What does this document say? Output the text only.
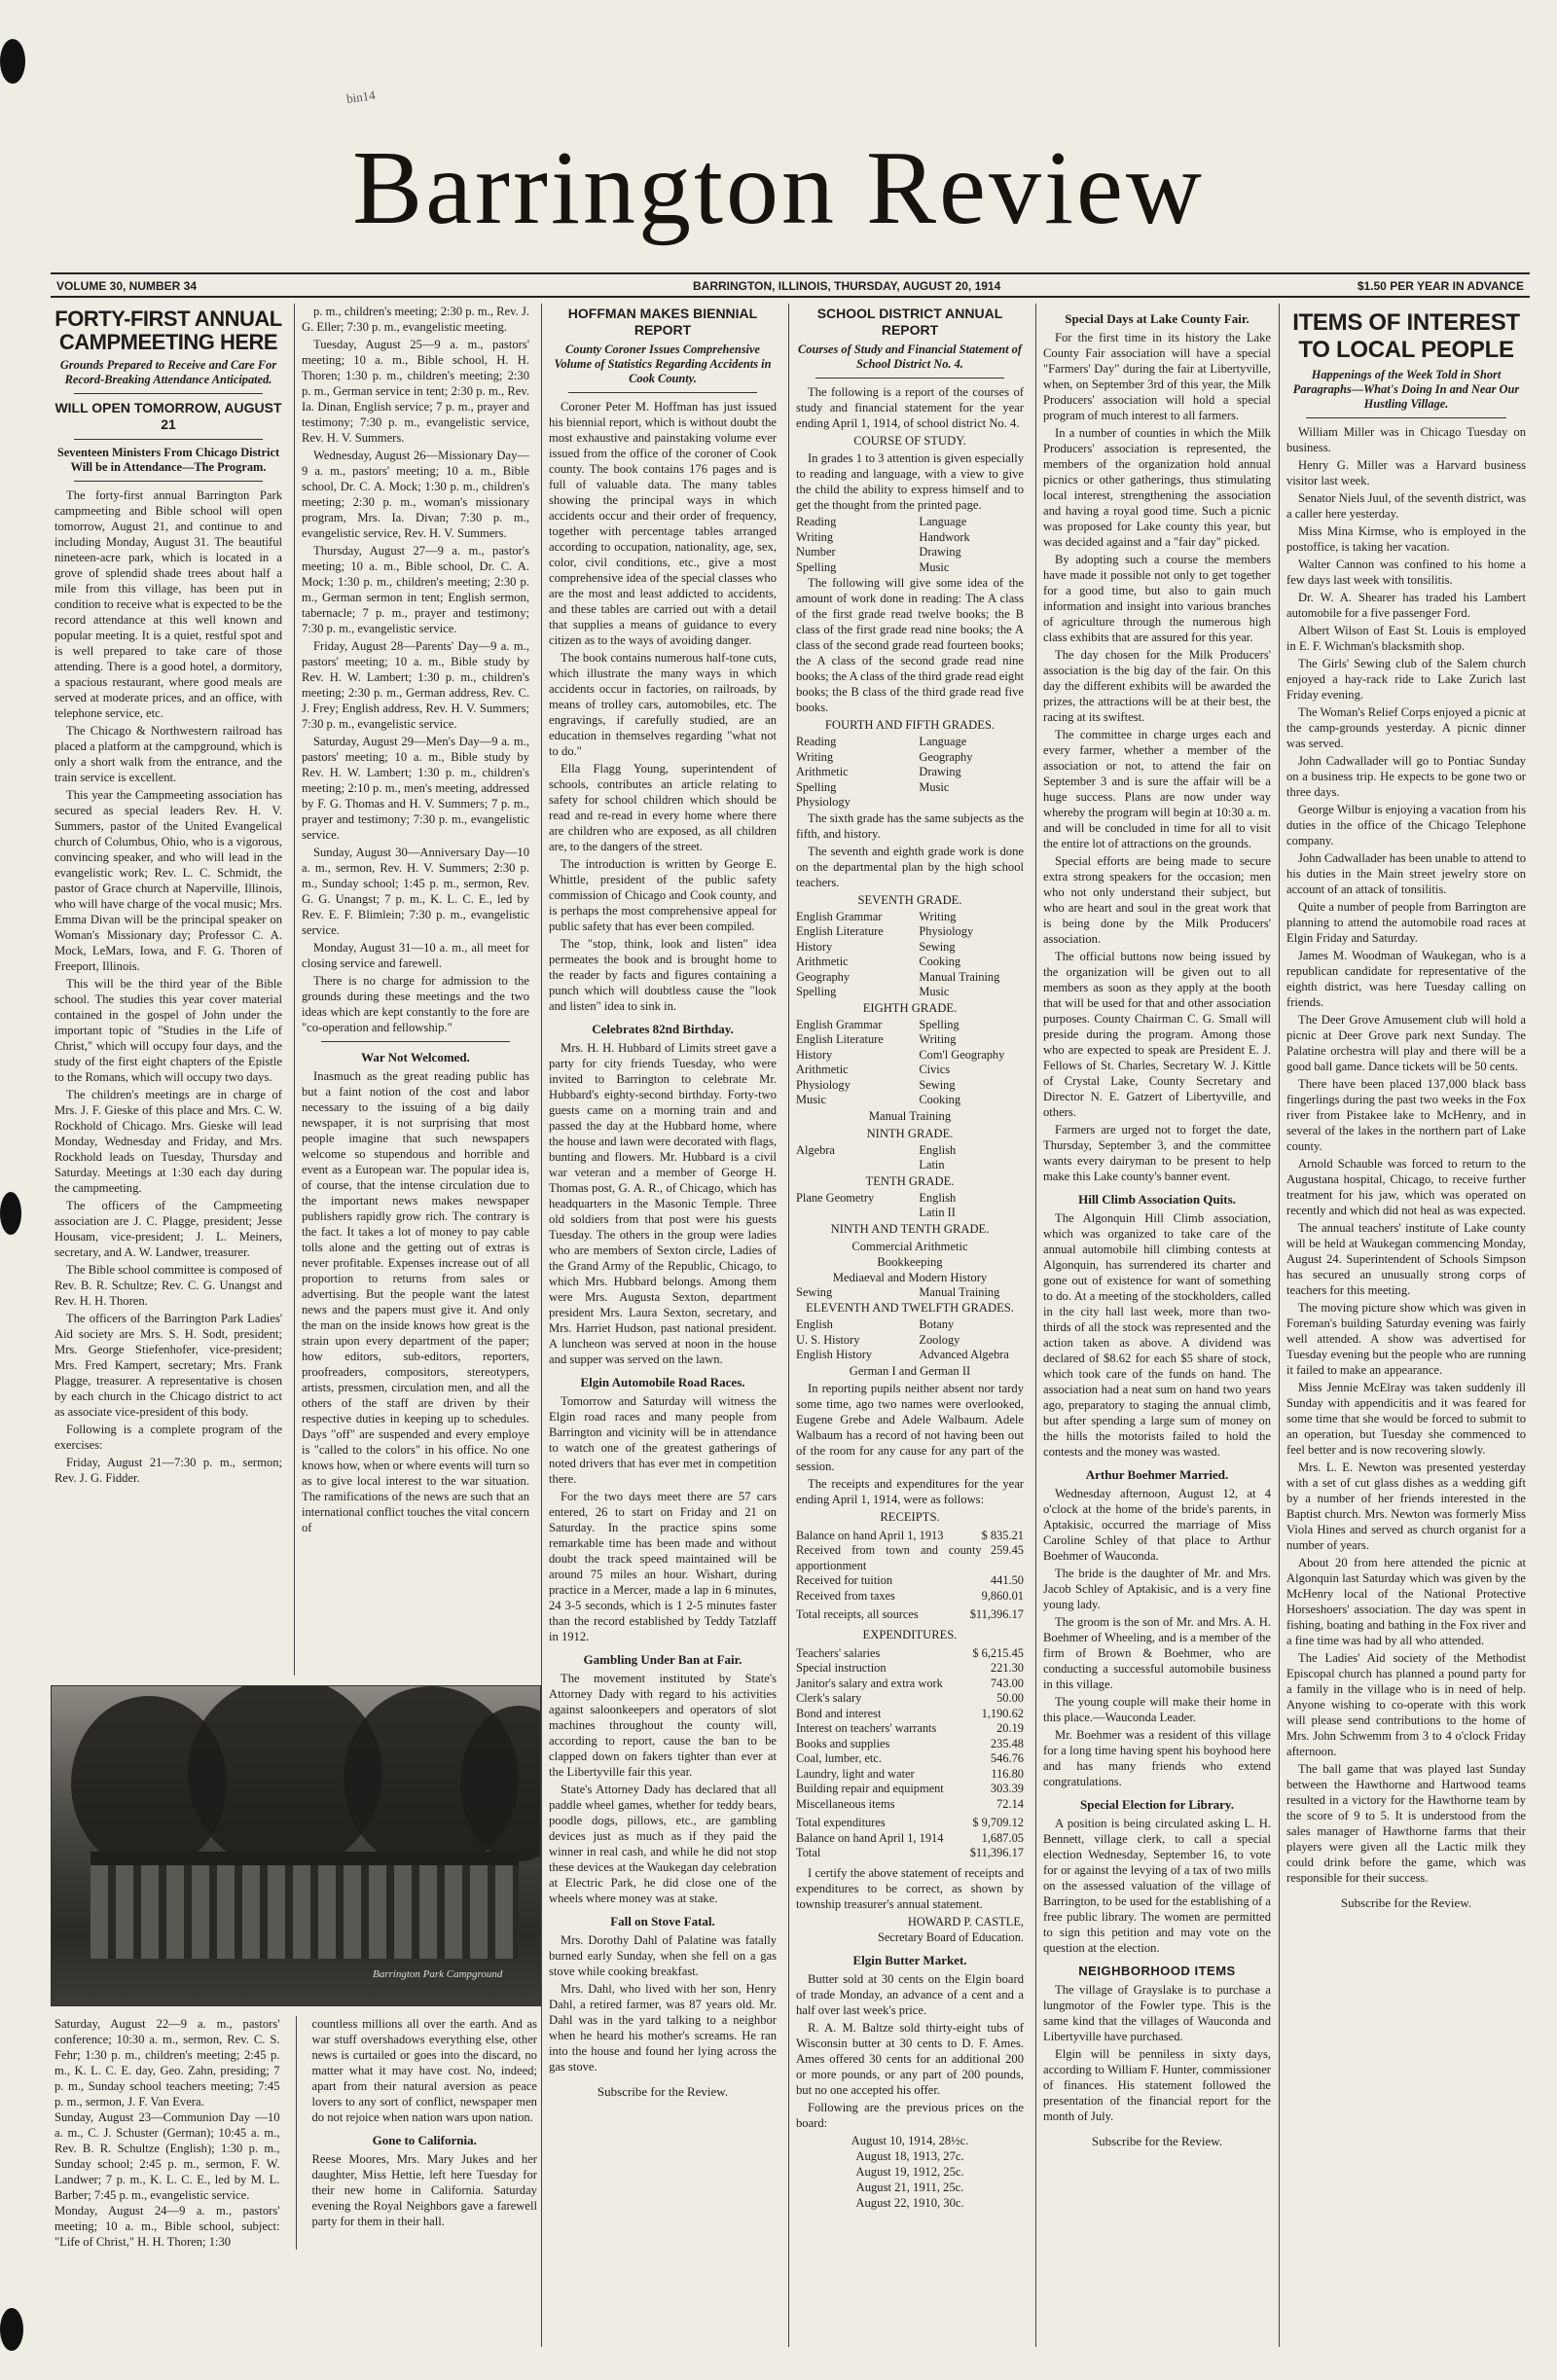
bin14
Barrington Review
VOLUME 30, NUMBER 34	BARRINGTON, ILLINOIS, THURSDAY, AUGUST 20, 1914	$1.50 PER YEAR IN ADVANCE
FORTY-FIRST ANNUAL CAMPMEETING HERE
Grounds Prepared to Receive and Care For Record-Breaking Attendance Anticipated.
WILL OPEN TOMORROW, AUGUST 21
Seventeen Ministers From Chicago District Will be in Attendance—The Program.

The forty-first annual Barrington Park campmeeting and Bible school will open tomorrow, August 21, and continue to and including Monday, August 31. The beautiful nineteen-acre park, which is located in a grove of splendid shade trees about half a mile from this village, has been put in condition to receive what is expected to be the record attendance at this well known and popular meeting. It is a quiet, restful spot and is well prepared to take care of those attending. There is a good hotel, a dormitory, a spacious restaurant, where good meals are served at moderate prices, and an office, with telephone service, etc.

The Chicago & Northwestern railroad has placed a platform at the campground, which is only a short walk from the entrance, and the train service is excellent.

This year the Campmeeting association has secured as special leaders Rev. H. V. Summers, pastor of the United Evangelical church of Columbus, Ohio, who is a vigorous, convincing speaker, and who will lead in the evangelistic work; Rev. L. C. Schmidt, the pastor of Grace church at Naperville, Illinois, who will have charge of the vocal music; Mrs. Emma Divan will be the principal speaker on Woman's Missionary day; Professor C. A. Mock, LeMars, Iowa, and F. G. Thoren of Freeport, Illinois.

This will be the third year of the Bible school. The studies this year cover material contained in the gospel of John under the important topic of "Studies in the Life of Christ," which will occupy four days, and the study of the first eight chapters of the Epistle to the Romans, which will occupy two days.

The children's meetings are in charge of Mrs. J. F. Gieske of this place and Mrs. C. W. Rockhold of Chicago. Mrs. Gieske will lead Monday, Wednesday and Friday, and Mrs. Rockhold leads on Tuesday, Thursday and Saturday. Meetings at 1:30 each day during the campmeeting.

The officers of the Campmeeting association are J. C. Plagge, president; Jesse Housam, vice-president; J. L. Meiners, secretary, and A. W. Landwer, treasurer.

The Bible school committee is composed of Rev. B. R. Schultze; Rev. C. G. Unangst and Rev. H. H. Thoren.

The officers of the Barrington Park Ladies' Aid society are Mrs. S. H. Sodt, president; Mrs. George Stiefenhofer, vice-president; Mrs. Fred Kampert, secretary; Mrs. Frank Plagge, treasurer. A representative is chosen by each church in the Chicago district to act as associate vice-president of this body.

Following is a complete program of the exercises:

Friday, August 21—7:30 p. m., sermon; Rev. J. G. Fidder.

p. m., children's meeting; 2:30 p. m., Rev. J. G. Eller; 7:30 p. m., evangelistic meeting.

Tuesday, August 25—9 a. m., pastors' meeting; 10 a. m., Bible school, H. H. Thoren; 1:30 p. m., children's meeting; 2:30 p. m., German service in tent; 2:30 p. m., Rev. Ia. Dinan, English service; 7 p. m., prayer and testimony; 7:30 p. m., evangelistic service, Rev. H. V. Summers.

Wednesday, August 26—Missionary Day—9 a. m., pastors' meeting; 10 a. m., Bible school, Dr. C. A. Mock; 1:30 p. m., children's meeting; 2:30 p. m., woman's missionary program, Mrs. Ia. Divan; 7:30 p. m., evangelistic service, Rev. H. V. Summers.

Thursday, August 27—9 a. m., pastor's meeting; 10 a. m., Bible school, Dr. C. A. Mock; 1:30 p. m., children's meeting; 2:30 p. m., German sermon in tent; English sermon, tabernacle; 7 p. m., prayer and testimony; 7:30 p. m., evangelistic service.

Friday, August 28—Parents' Day—9 a. m., pastors' meeting; 10 a. m., Bible study by Rev. H. W. Lambert; 1:30 p. m., children's meeting; 2:30 p. m., German address, Rev. C. J. Frey; English address, Rev. H. V. Summers; 7:30 p. m., evangelistic service.

Saturday, August 29—Men's Day—9 a. m., pastors' meeting; 10 a. m., Bible study by Rev. H. W. Lambert; 1:30 p. m., children's meeting; 2:10 p. m., men's meeting, addressed by F. G. Thomas and H. V. Summers; 7 p. m., prayer and testimony; 7:30 p. m., evangelistic service.

Sunday, August 30—Anniversary Day—10 a. m., sermon, Rev. H. V. Summers; 2:30 p. m., Sunday school; 1:45 p. m., sermon, Rev. G. G. Unangst; 7 p. m., K. L. C. E., led by Rev. E. F. Blimlein; 7:30 p. m., evangelistic service.

Monday, August 31—10 a. m., all meet for closing service and farewell.

There is no charge for admission to the grounds during these meetings and the two ideas which are kept constantly to the fore are "co-operation and fellowship."

War Not Welcomed.

Inasmuch as the great reading public has but a faint notion of the cost and labor necessary to the issuing of a big daily newspaper, it is not surprising that most people imagine that such newspapers welcome so stupendous and horrible and event as a European war. The popular idea is, of course, that the intense circulation due to the important news makes newspaper publishers rapidly grow rich. The contrary is the fact. It takes a lot of money to pay cable tolls alone and the getting out of extras is never profitable. Expenses increase out of all proportion to returns from sales or advertising. But the people want the latest news and the papers must give it. And only the man on the inside knows how great is the strain upon every department of the paper; how editors, sub-editors, reporters, proofreaders, compositors, stereotypers, artists, pressmen, circulation men, and all the others of the staff are driven by their respective duties in keeping up to schedules. Days "off" are suspended and every employe is "called to the colors" in his office. No one knows how, when or where events will turn so as to give local interest to the war situation. The ramifications of the news are such that an international conflict touches the vital concern of

HOFFMAN MAKES BIENNIAL REPORT
County Coroner Issues Comprehensive Volume of Statistics Regarding Accidents in Cook County.

Coroner Peter M. Hoffman has just issued his biennial report, which is without doubt the most exhaustive and painstaking volume ever issued from the office of the coroner of Cook county. The book contains 176 pages and is full of valuable data. The many tables showing the principal ways in which accidents occur and their order of frequency, together with percentage tables arranged according to occupation, nationality, age, sex, color, civil conditions, etc., give a most comprehensive idea of the special classes who are the most and least addicted to accidents, and these tables are carried out with a detail that supplies a means of guidance to every citizen as to the ways of avoiding danger.

The book contains numerous half-tone cuts, which illustrate the many ways in which accidents occur in factories, on railroads, by means of trolley cars, automobiles, etc. The engravings, if carefully studied, are an education in themselves regarding "what not to do."

Ella Flagg Young, superintendent of schools, contributes an article relating to safety for school children which should be read and re-read in every home where there are children who are exposed, as all children are, to the dangers of the street.

The introduction is written by George E. Whittle, president of the public safety commission of Chicago and Cook county, and is perhaps the most comprehensive appeal for public safety that has ever been compiled.

The "stop, think, look and listen" idea permeates the book and is brought home to the reader by facts and figures containing a punch which will doubtless cause the "look and listen" idea to sink in.

Celebrates 82nd Birthday.

Mrs. H. H. Hubbard of Limits street gave a party for city friends Tuesday, who were invited to Barrington to celebrate Mr. Hubbard's eighty-second birthday. Forty-two guests came on a morning train and and passed the day at the Hubbard home, where the house and lawn were decorated with flags, bunting and flowers. Mr. Hubbard is a civil war veteran and a member of George H. Thomas post, G. A. R., of Chicago, which has headquarters in the Masonic Temple. Three old soldiers from that post were his guests Tuesday. The others in the group were ladies who are members of Sexton circle, Ladies of the Grand Army of the Republic, Chicago, to which Mrs. Hubbard belongs. Among them were Mrs. Augusta Sexton, department president Mrs. Laura Sexton, secretary, and Mrs. Harriet Hudson, past national president. A luncheon was served at noon in the house and supper was served on the lawn.

Elgin Automobile Road Races.

Tomorrow and Saturday will witness the Elgin road races and many people from Barrington and vicinity will be in attendance to watch one of the greatest gatherings of noted drivers that has ever met in competition there.

For the two days meet there are 57 cars entered, 26 to start on Friday and 21 on Saturday. In the practice spins some remarkable time has been made and without doubt the track speed maintained will be around 75 miles an hour. Wishart, during practice in a Mercer, made a lap in 6 minutes, 24 3-5 seconds, which is 1 2-5 minutes faster than the record established by Teddy Tatzlaff in 1912.

Gambling Under Ban at Fair.

The movement instituted by State's Attorney Dady with regard to his activities against saloonkeepers and operators of slot machines throughout the county will, according to report, cause the ban to be clapped down on fakers tighter than ever at the Libertyville fair this year.

State's Attorney Dady has declared that all paddle wheel games, whether for teddy bears, poodle dogs, pillows, etc., are gambling devices just as much as if they paid the winner in real cash, and while he did not stop these devices at the Waukegan day celebration at Electric Park, he did close one of the wheels where money was at stake.

Fall on Stove Fatal.

Mrs. Dorothy Dahl of Palatine was fatally burned early Sunday, when she fell on a gas stove while cooking breakfast.

Mrs. Dahl, who lived with her son, Henry Dahl, a retired farmer, was 87 years old. Mr. Dahl was in the yard talking to a neighbor when he heard his mother's screams. He ran into the house and found her lying across the gas stove.

Subscribe for the Review.
SCHOOL DISTRICT ANNUAL REPORT
Courses of Study and Financial Statement of School District No. 4.

The following is a report of the courses of study and financial statement for the year ending April 1, 1914, of school district No. 4.

COURSE OF STUDY.

In grades 1 to 3 attention is given especially to reading and language, with a view to give the child the ability to express himself and to get the thought from the printed page.

Reading	Language
Writing	Handwork
Number	Drawing
Spelling	Music

The following will give some idea of the amount of work done in reading: The A class of the first grade read twelve books; the B class of the first grade read nine books; the A class of the second grade read fourteen books; the A class of the second grade read nine books; the A class of the third grade read eight books; the B class of the third grade read five books.

FOURTH AND FIFTH GRADES.

Reading	Language
Writing	Geography
Arithmetic	Drawing
Spelling	Music
Physiology

The sixth grade has the same subjects as the fifth, and history.

The seventh and eighth grade work is done on the departmental plan by the high school teachers.

SEVENTH GRADE.

English Grammar	Writing
English Literature	Physiology
History	Sewing
Arithmetic	Cooking
Geography	Manual Training
Spelling	Music

EIGHTH GRADE.

English Grammar	Spelling
English Literature	Writing
History	Com'l Geography
Arithmetic	Civics
Physiology	Sewing
Music	Cooking

Manual Training

NINTH GRADE.

Algebra	English
Latin

TENTH GRADE.

Plane Geometry	English
Latin II

NINTH AND TENTH GRADE.

Commercial Arithmetic
Bookkeeping
Mediaeval and Modern History
Sewing	Manual Training

ELEVENTH AND TWELFTH GRADES.

English	Botany
U. S. History	Zoology
English History	Advanced Algebra

German I and German II

In reporting pupils neither absent nor tardy some time, ago two names were overlooked, Eugene Grebe and Adele Walbaum. Adele Walbaum has a record of not having been out of the room for any cause for any part of the session.

The receipts and expenditures for the year ending April 1, 1914, were as follows:

RECEIPTS.

Balance on hand April 1, 1913	$ 835.21
Received from town and county apportionment	259.45
Received for tuition	441.50
Received from taxes	9,860.01
Total receipts, all sources	$11,396.17

EXPENDITURES.

Teachers' salaries	$ 6,215.45
Special instruction	221.30
Janitor's salary and extra work	743.00
Clerk's salary	50.00
Bond and interest	1,190.62
Interest on teachers' warrants	20.19
Books and supplies	235.48
Coal, lumber, etc.	546.76
Laundry, light and water	116.80
Building repair and equipment	303.39
Miscellaneous items	72.14
Total expenditures	$ 9,709.12
Balance on hand April 1, 1914	1,687.05
Total	$11,396.17

I certify the above statement of receipts and expenditures to be correct, as shown by township treasurer's annual statement.

HOWARD P. CASTLE,
Secretary Board of Education.
Elgin Butter Market.

Butter sold at 30 cents on the Elgin board of trade Monday, an advance of a cent and a half over last week's price.

R. A. M. Baltze sold thirty-eight tubs of Wisconsin butter at 30 cents to D. F. Ames. Ames offered 30 cents for an additional 200 or more pounds, or any part of 200 pounds, but no one accepted his offer.

Following are the previous prices on the board:

August 10, 1914, 28½c.
August 18, 1913, 27c.
August 19, 1912, 25c.
August 21, 1911, 25c.
August 22, 1910, 30c.
Special Days at Lake County Fair.

For the first time in its history the Lake County Fair association will have a special "Farmers' Day" during the fair at Libertyville, when, on September 3rd of this year, the Milk Producers' association will hold a special program of much interest to all farmers.

In a number of counties in which the Milk Producers' association is represented, the members of the organization hold annual picnics or other gatherings, thus stimulating local interest, strengthening the association and having a royal good time. Such a picnic was proposed for Lake county this year, but was decided against and a "fair day" picked.

By adopting such a course the members have made it possible not only to get together for a good time, but also to gain much information and insight into various branches of agriculture through the numerous high class exhibits that are assured for this year.

The day chosen for the Milk Producers' association is the big day of the fair. On this day the different exhibits will be awarded the prizes, the attractions will be at their best, the racing at its swiftest.

The committee in charge urges each and every farmer, whether a member of the association or not, to attend the fair on September 3 and is sure the affair will be a huge success. Plans are now under way whereby the program will begin at 10:30 a. m. and will be concluded in time for all to visit the entire lot of attractions on the grounds.

Special efforts are being made to secure extra strong speakers for the occasion; men who not only understand their subject, but who are heart and soul in the great work that is being done by the Milk Producers' association.

The official buttons now being issued by the organization will be given out to all members as soon as they apply at the booth that will be used for that and other association purposes. County Chairman C. G. Small will preside during the program. Among those who are expected to speak are President E. J. Fellows of St. Charles, Secretary W. J. Kittle of Crystal Lake, County Secretary and Director N. E. Gatzert of Libertyville, and others.

Farmers are urged not to forget the date, Thursday, September 3, and the committee wants every dairyman to be present to help make this Lake county's banner event.

Hill Climb Association Quits.

The Algonquin Hill Climb association, which was organized to take care of the annual automobile hill climbing contests at Algonquin, has surrendered its charter and gone out of existence for want of something to do. At a meeting of the stockholders, called in the city hall last week, more than two-thirds of all the stock was represented and the action taken as above. A dividend was declared of $8.62 for each $5 share of stock, which took care of the funds on hand. The association had a neat sum on hand two years ago, preparatory to staging the annual climb, but after spending a large sum of money on the hills the motorists failed to hold the contests and the money was wasted.

Arthur Boehmer Married.

Wednesday afternoon, August 12, at 4 o'clock at the home of the bride's parents, in Aptakisic, occurred the marriage of Miss Caroline Schley of that place to Arthur Boehmer of Wauconda.

The bride is the daughter of Mr. and Mrs. Jacob Schley of Aptakisic, and is a very fine young lady.

The groom is the son of Mr. and Mrs. A. H. Boehmer of Wheeling, and is a member of the firm of Brown & Boehmer, who are conducting a successful automobile business in this village.

The young couple will make their home in this place.—Wauconda Leader.

Mr. Boehmer was a resident of this village for a long time having spent his boyhood here and has many friends who extend congratulations.

Special Election for Library.

A position is being circulated asking L. H. Bennett, village clerk, to call a special election Wednesday, September 16, to vote for or against the levying of a tax of two mills on the assessed valuation of the village of Barrington, to be used for the establishing of a free public library. The women are permitted to sign this petition and may vote on the question at the election.

NEIGHBORHOOD ITEMS

The village of Grayslake is to purchase a lungmotor of the Fowler type. This is the same kind that the villages of Wauconda and Libertyville have purchased.

Elgin will be penniless in sixty days, according to William F. Hunter, commissioner of finances. His statement followed the presentation of the financial report for the month of July.

Subscribe for the Review.
ITEMS OF INTEREST TO LOCAL PEOPLE
Happenings of the Week Told in Short Paragraphs—What's Doing In and Near Our Hustling Village.

William Miller was in Chicago Tuesday on business.

Henry G. Miller was a Harvard business visitor last week.

Senator Niels Juul, of the seventh district, was a caller here yesterday.

Miss Mina Kirmse, who is employed in the postoffice, is taking her vacation.

Walter Cannon was confined to his home a few days last week with tonsilitis.

Dr. W. A. Shearer has traded his Lambert automobile for a five passenger Ford.

Albert Wilson of East St. Louis is employed in E. F. Wichman's blacksmith shop.

The Girls' Sewing club of the Salem church enjoyed a hay-rack ride to Lake Zurich last Friday evening.

The Woman's Relief Corps enjoyed a picnic at the camp-grounds yesterday. A picnic dinner was served.

John Cadwallader will go to Pontiac Sunday on a business trip. He expects to be gone two or three days.

George Wilbur is enjoying a vacation from his duties in the office of the Chicago Telephone company.

John Cadwallader has been unable to attend to his duties in the Main street jewelry store on account of an attack of tonsilitis.

Quite a number of people from Barrington are planning to attend the automobile road races at Elgin Friday and Saturday.

James M. Woodman of Waukegan, who is a republican candidate for representative of the eighth district, was here Tuesday calling on friends.

The Deer Grove Amusement club will hold a picnic at Deer Grove park next Sunday. The Palatine orchestra will play and there will be a good ball game. Dance tickets will be 50 cents.

There have been placed 137,000 black bass fingerlings during the past two weeks in the Fox river from Pistakee lake to McHenry, and in several of the lakes in the northern part of Lake county.

Arnold Schauble was forced to return to the Augustana hospital, Chicago, to receive further treatment for his jaw, which was operated on recently and which did not heal as was expected.

The annual teachers' institute of Lake county will be held at Waukegan commencing Monday, August 24. Superintendent of Schools Simpson has secured an unusually strong corps of teachers for this meeting.

The moving picture show which was given in Foreman's building Saturday evening was fairly well attended. A show was advertised for Tuesday evening but the people who are running it failed to make an appearance.

Miss Jennie McElray was taken suddenly ill Sunday with appendicitis and it was feared for some time that she would be forced to submit to an operation, but Tuesday she commenced to feel better and is now recovering slowly.

Mrs. L. E. Newton was presented yesterday with a set of cut glass dishes as a wedding gift by a number of her friends interested in the Baptist church. Mrs. Newton was formerly Miss Viola Hines and served as church organist for a number of years.

About 20 from here attended the picnic at Algonquin last Saturday which was given by the McHenry local of the National Protective Horseshoers' association. The day was spent in fishing, boating and bathing in the Fox river and a fine time was had by all who attended.

The Ladies' Aid society of the Methodist Episcopal church has planned a pound party for a family in the village who is in need of help. Anyone wishing to co-operate with this work will please send contributions to the home of Mrs. John Schwemm from 3 to 4 o'clock Friday afternoon.

The ball game that was played last Sunday between the Hawthorne and Hartwood teams resulted in a victory for the Hawthorne team by the score of 9 to 5. It is understood from the sales manager of Hawthorne farms that their players were given all the Lactic milk they could drink before the game, which was responsible for their success.

Subscribe for the Review.
Barrington Park Campground

Saturday, August 22—9 a. m., pastors' conference; 10:30 a. m., sermon, Rev. C. S. Fehr; 1:30 p. m., children's meeting; 2:45 p. m., K. L. C. E. day, Geo. Zahn, presiding; 7 p. m., Sunday school teachers meeting; 7:45 p. m., sermon, J. F. Van Evera.

Sunday, August 23—Communion Day —10 a. m., C. J. Schuster (German); 10:45 a. m., Rev. B. R. Schultze (English); 1:30 p. m., Sunday school; 2:45 p. m., sermon, F. W. Landwer; 7 p. m., K. L. C. E., led by M. L. Barber; 7:45 p. m., evangelistic service.

Monday, August 24—9 a. m., pastors' meeting; 10 a. m., Bible school, subject: "Life of Christ," H. H. Thoren; 1:30

countless millions all over the earth. And as war stuff overshadows everything else, other news is curtailed or goes into the discard, no matter what it may have cost. No, indeed; apart from their natural aversion as peace lovers to any sort of conflict, newspaper men do not rejoice when nation wars upon nation.

Gone to California.

Reese Moores, Mrs. Mary Jukes and her daughter, Miss Hettie, left here Tuesday for their new home in California. Saturday evening the Royal Neighbors gave a farewell party for them in their hall.
